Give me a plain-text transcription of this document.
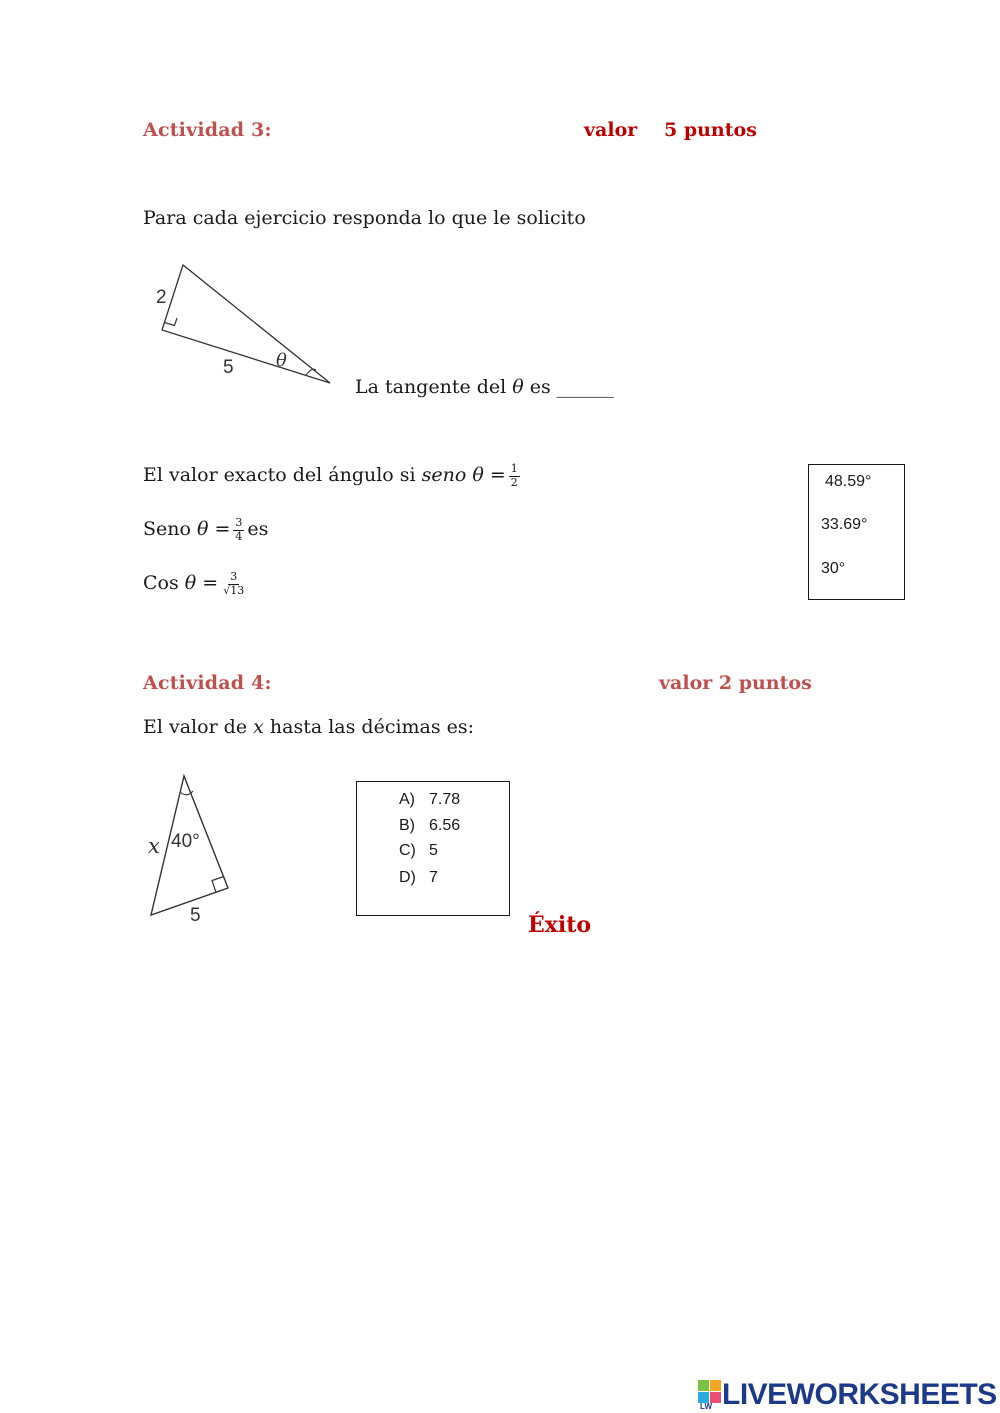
Actividad 3:	valor 5 puntos
Para cada ejercicio responda lo que le solicito
2
5 θ
La tangente del θ es ______
El valor exacto del ángulo si seno $\theta = \frac{1}{2}$
Seno $\theta = \frac{3}{4}$ es
Cos $\theta = \frac{3}{√13}$
48.59°
33.69°
30°
Actividad 4:	valor 2 puntos
El valor de x hasta las décimas es:
x 40°
5
A) 7.78
B) 6.56
C) 5
D) 7
Éxito
LW LIVEWORKSHEETS
